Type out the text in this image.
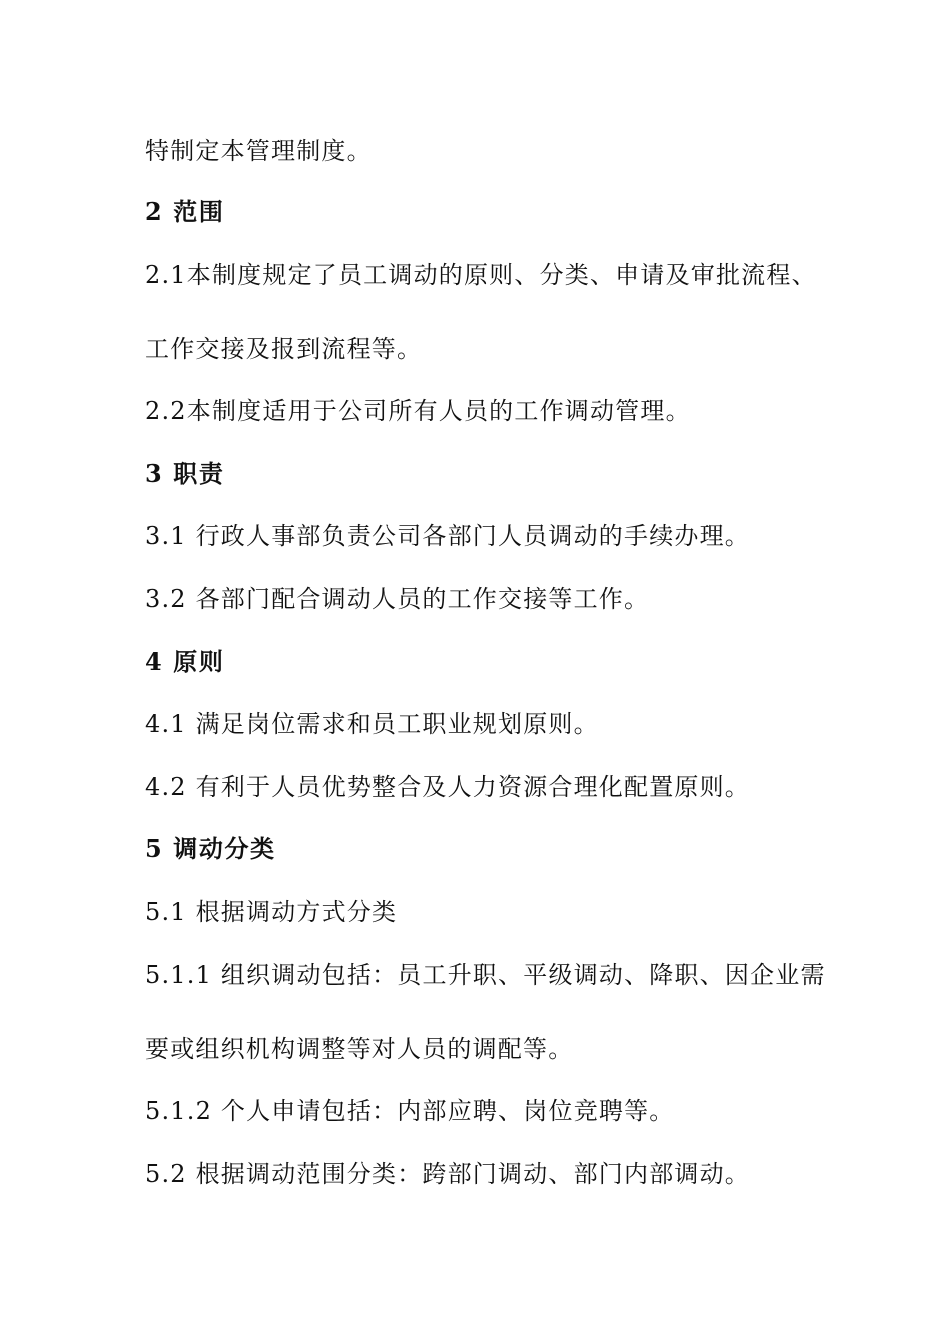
特制定本管理制度。
2 范围
2.1本制度规定了员工调动的原则、分类、申请及审批流程、
工作交接及报到流程等。
2.2本制度适用于公司所有人员的工作调动管理。
3 职责
3.1 行政人事部负责公司各部门人员调动的手续办理。
3.2 各部门配合调动人员的工作交接等工作。
4 原则
4.1 满足岗位需求和员工职业规划原则。
4.2 有利于人员优势整合及人力资源合理化配置原则。
5 调动分类
5.1 根据调动方式分类
5.1.1 组织调动包括：员工升职、平级调动、降职、因企业需
要或组织机构调整等对人员的调配等。
5.1.2 个人申请包括：内部应聘、岗位竞聘等。
5.2 根据调动范围分类：跨部门调动、部门内部调动。
